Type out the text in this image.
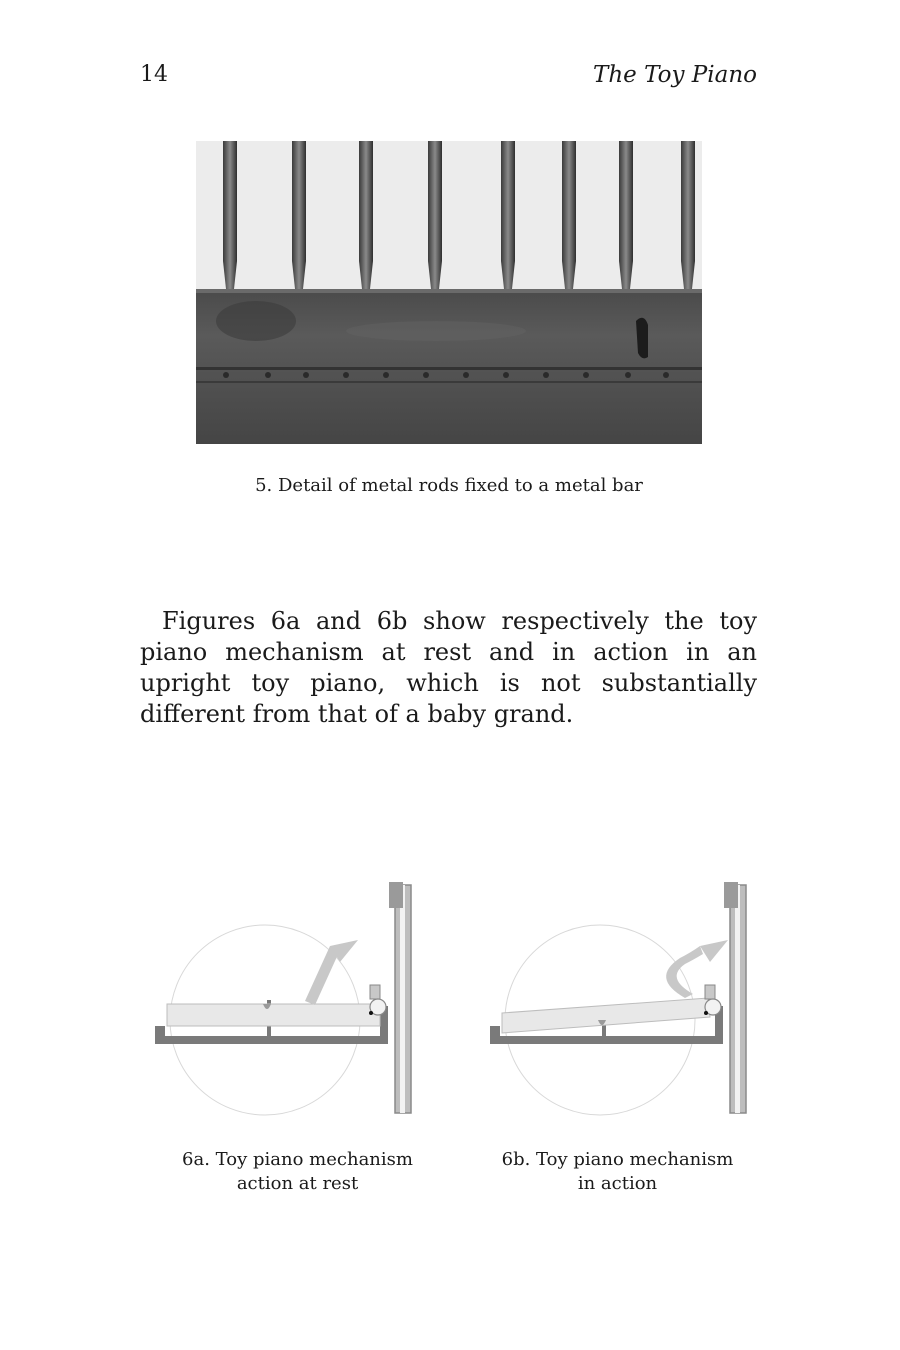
14	The Toy Piano
5. Detail of metal rods fixed to a metal bar

Figures 6a and 6b show respectively the toy piano mechanism at rest and in action in an upright toy piano, which is not substantially different from that of a baby grand.

6a. Toy piano mechanism
action at rest
6b. Toy piano mechanism
in action
